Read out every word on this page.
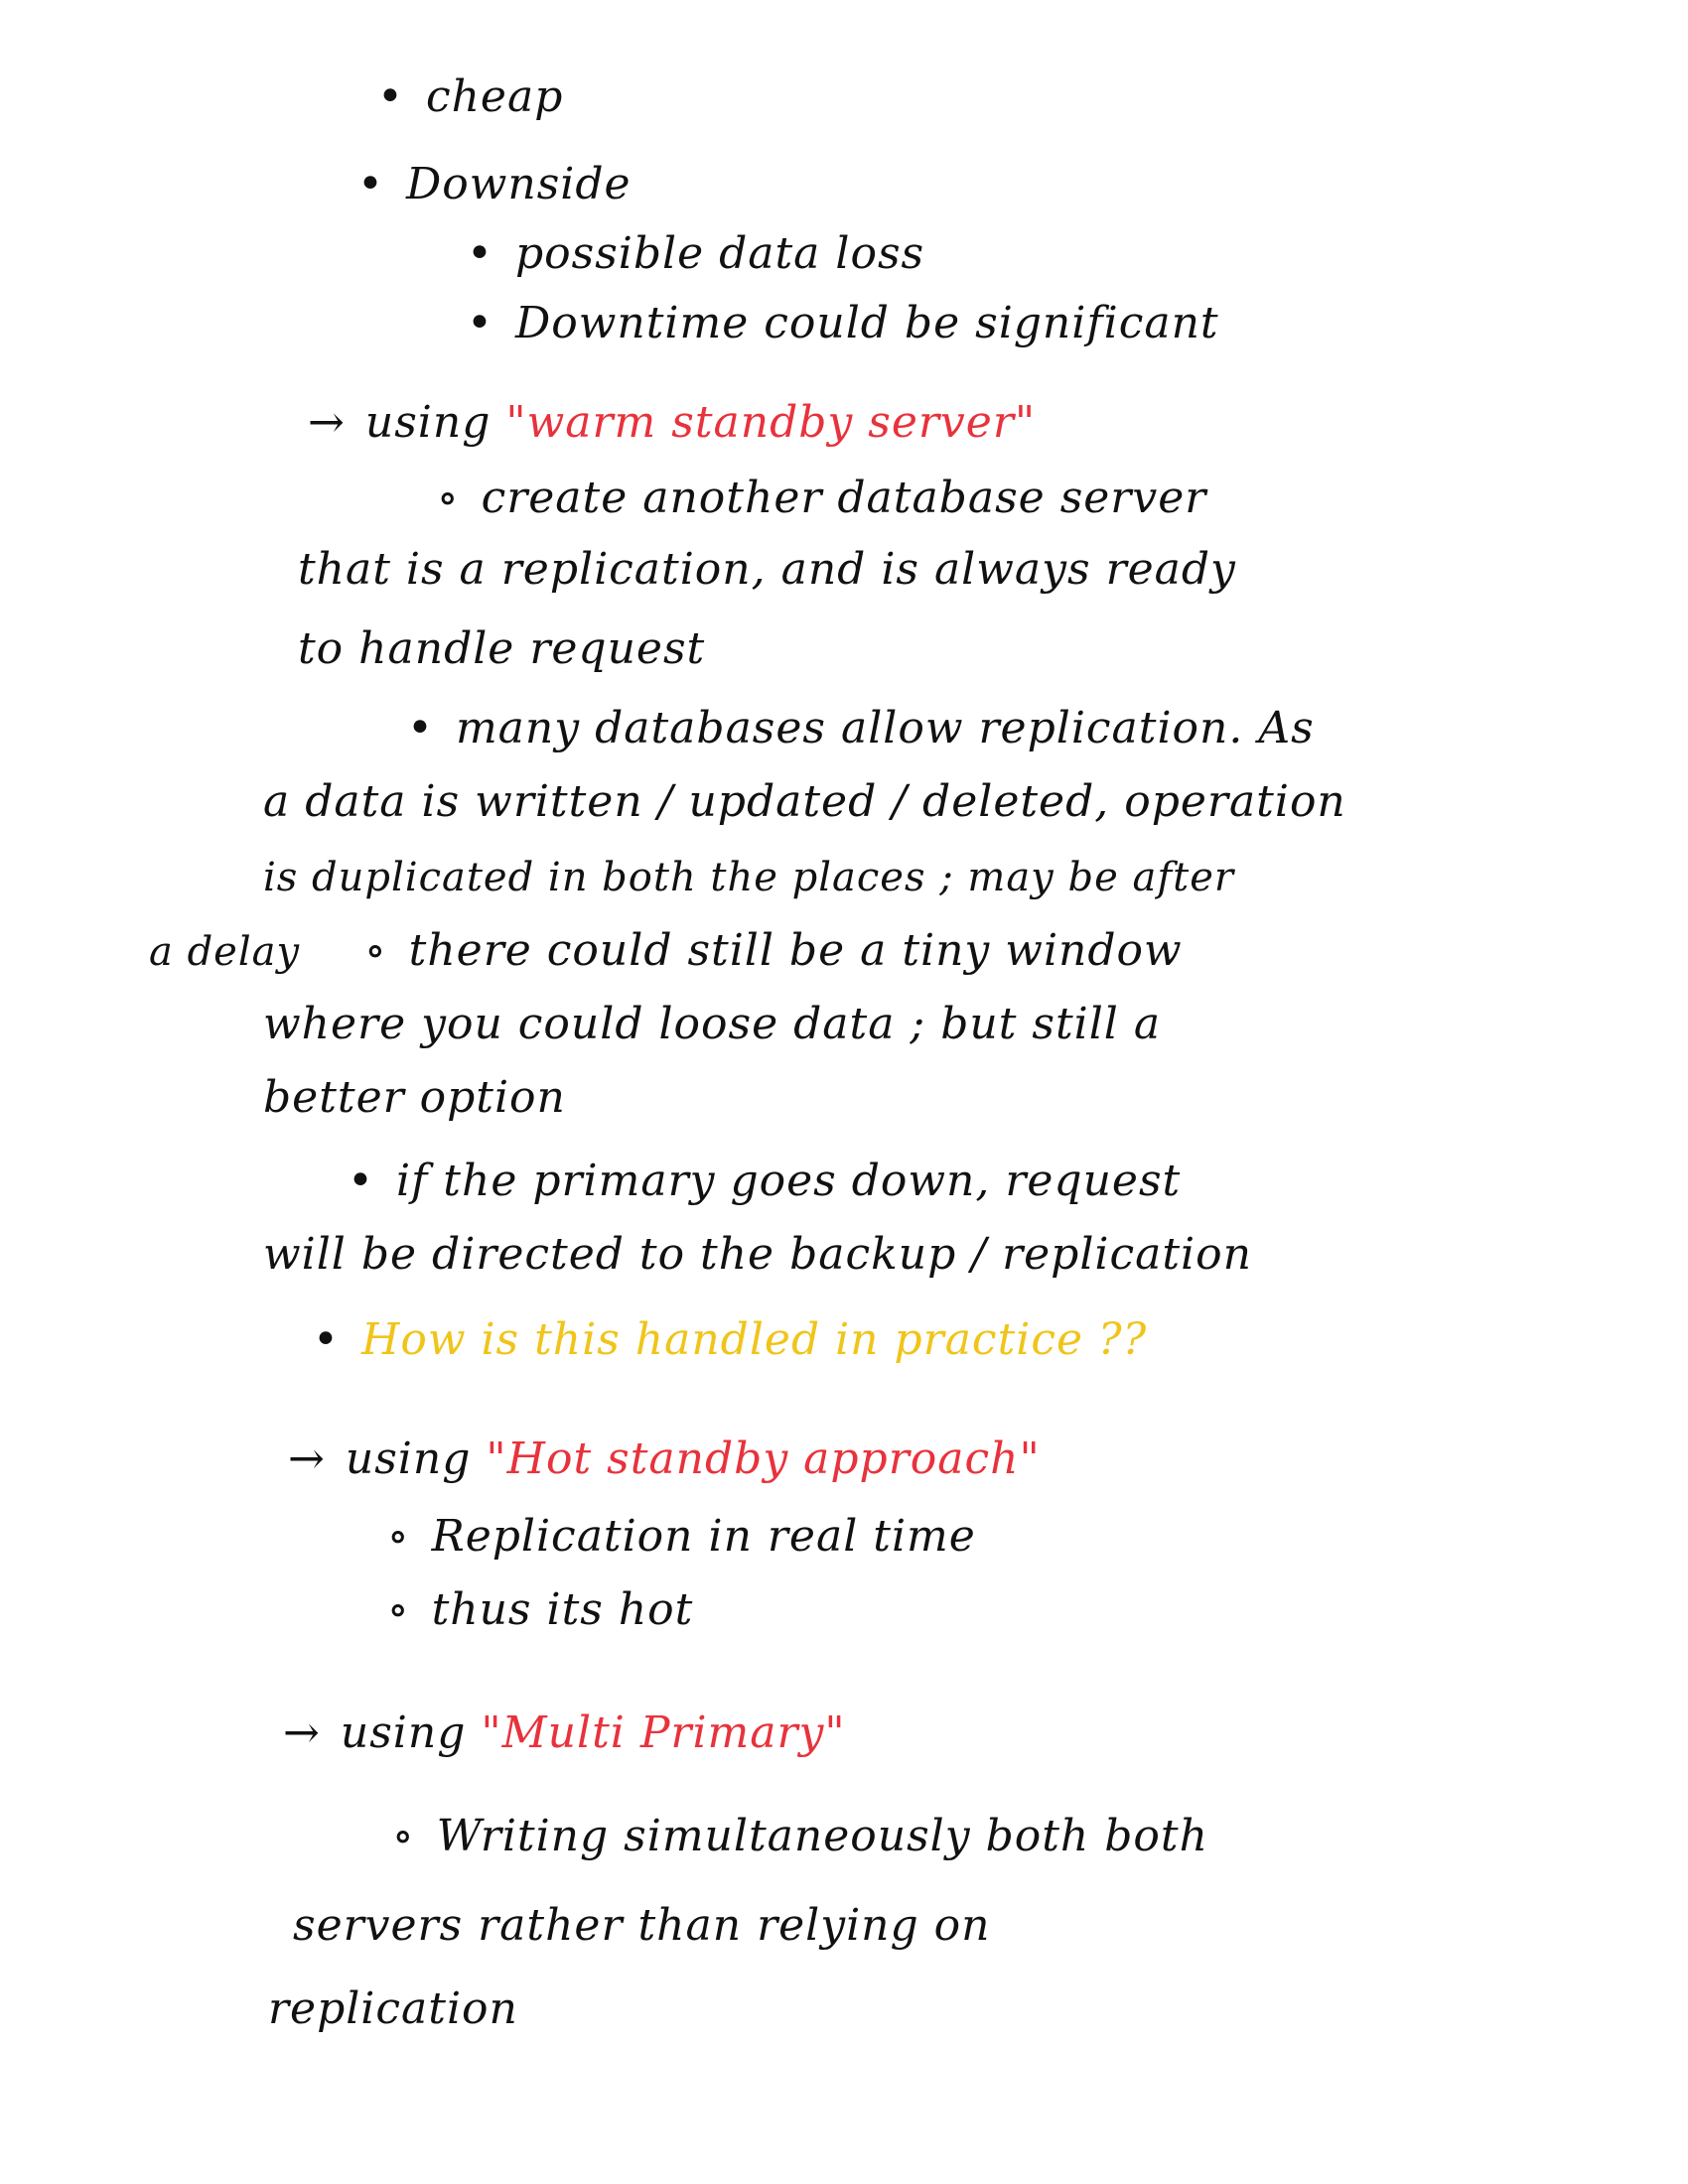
• cheap
• Downside
• possible data loss
• Downtime could be significant
→ using "warm standby server"
∘ create another database server
that is a replication, and is always ready
to handle request
• many databases allow replication. As
a data is written / updated / deleted, operation
is duplicated in both the places ; may be after
a delay ∘ there could still be a tiny window
where you could loose data ; but still a
better option
• if the primary goes down, request
will be directed to the backup / replication
• How is this handled in practice ??
→ using "Hot standby approach"
∘ Replication in real time
∘ thus its hot
→ using "Multi Primary"
∘ Writing simultaneously both both
servers rather than relying on
replication
